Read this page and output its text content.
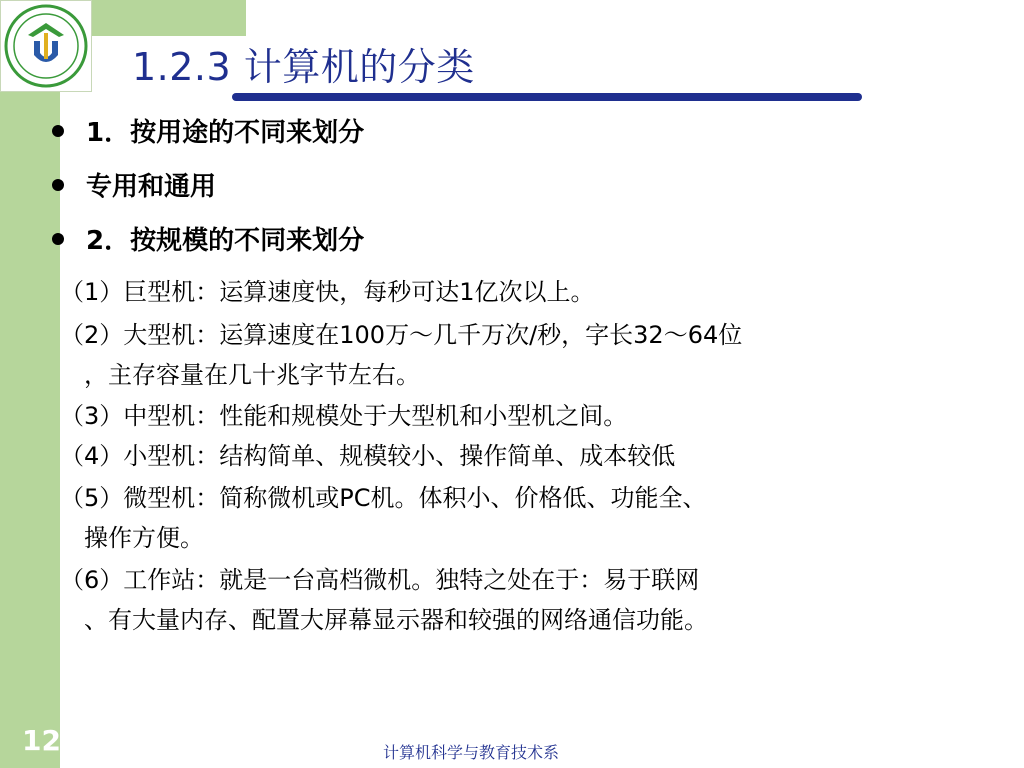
1.2.3 计算机的分类
1．按用途的不同来划分
专用和通用
2．按规模的不同来划分
（1）巨型机：运算速度快，每秒可达1亿次以上。
（2）大型机：运算速度在100万～几千万次/秒，字长32～64位
，主存容量在几十兆字节左右。
（3）中型机：性能和规模处于大型机和小型机之间。
（4）小型机：结构简单、规模较小、操作简单、成本较低
（5）微型机：简称微机或PC机。体积小、价格低、功能全、
操作方便。
（6）工作站：就是一台高档微机。独特之处在于：易于联网
、有大量内存、配置大屏幕显示器和较强的网络通信功能。
12	计算机科学与教育技术系
